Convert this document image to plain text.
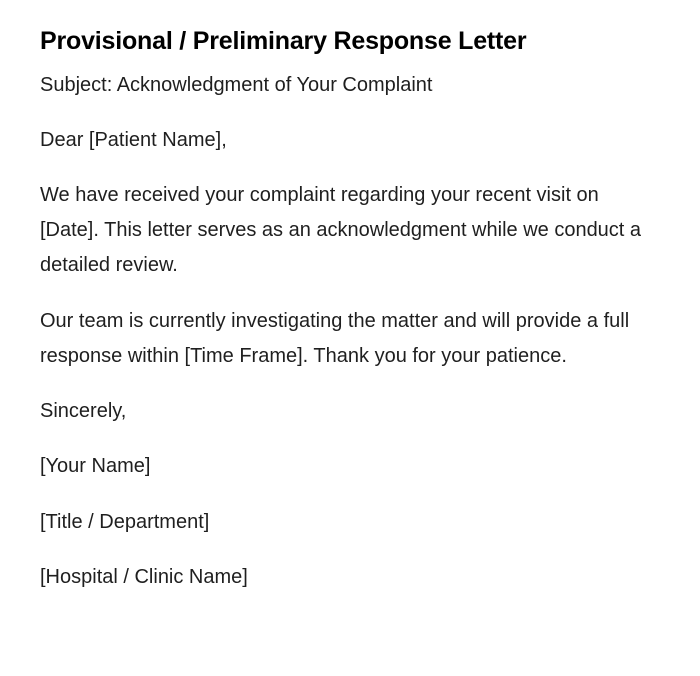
Provisional / Preliminary Response Letter

Subject: Acknowledgment of Your Complaint

Dear [Patient Name],

We have received your complaint regarding your recent visit on [Date]. This letter serves as an acknowledgment while we conduct a detailed review.

Our team is currently investigating the matter and will provide a full response within [Time Frame]. Thank you for your patience.

Sincerely,

[Your Name]

[Title / Department]

[Hospital / Clinic Name]
